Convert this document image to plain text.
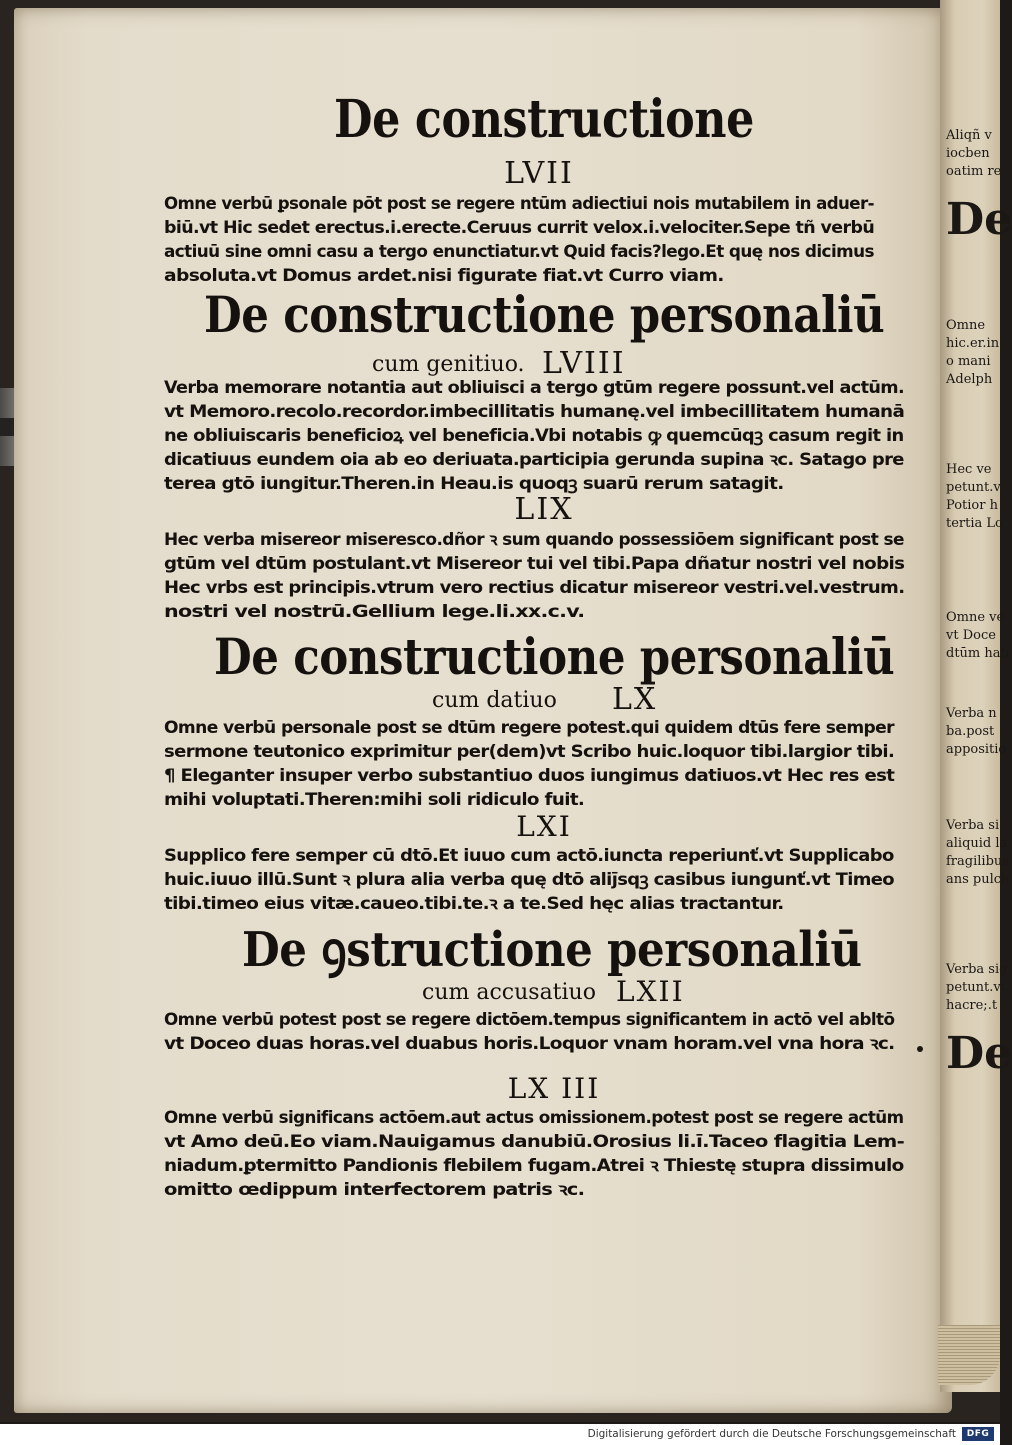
De constructione
LVII
Omne verbū ꝑsonale pōt post se regere ntūm adiectiui nois mutabilem in aduer-
biū.vt Hic sedet erectus.i.erecte.Ceruus currit velox.i.velociter.Sepe tñ verbū
actiuū sine omni casu a tergo enunctiatur.vt Quid facis?lego.Et quę nos dicimus
absoluta.vt Domus ardet.nisi figurate fiat.vt Curro viam.
De constructione personaliū
cum genitiuo. LVIII
Verba memorare notantia aut obliuisci a tergo gtūm regere possunt.vel actūm.
vt Memoro.recolo.recordor.imbecillitatis humanę.vel imbecillitatem humanā
ne obliuiscaris beneficioꝝ vel beneficia.Vbi notabis ꝙ quemcūqꝫ casum regit in
dicatiuus eundem oia ab eo deriuata.participia gerunda supina ꝛc. Satago pre
terea gtō iungitur.Theren.in Heau.is quoqꝫ suarū rerum satagit.
LIX
Hec verba misereor miseresco.dñor ꝛ sum quando possessiōem significant post se
gtūm vel dtūm postulant.vt Misereor tui vel tibi.Papa dñatur nostri vel nobis
Hec vrbs est principis.vtrum vero rectius dicatur misereor vestri.vel.vestrum.
nostri vel nostrū.Gellium lege.li.xx.c.v.
De constructione personaliū
cum datiuo LX
Omne verbū personale post se dtūm regere potest.qui quidem dtūs fere semper
sermone teutonico exprimitur per(dem)vt Scribo huic.loquor tibi.largior tibi.
¶ Eleganter insuper verbo substantiuo duos iungimus datiuos.vt Hec res est
mihi voluptati.Theren:mihi soli ridiculo fuit.
LXI
Supplico fere semper cū dtō.Et iuuo cum actō.iuncta reperiunť.vt Supplicabo
huic.iuuo illū.Sunt ꝛ plura alia verba quę dtō aliȷ̄sqꝫ casibus iungunť.vt Timeo
tibi.timeo eius vitæ.caueo.tibi.te.ꝛ a te.Sed hęc alias tractantur.
De ꝯstructione personaliū
cum accusatiuo LXII
Omne verbū potest post se regere dictōem.tempus significantem in actō vel abltō
vt Doceo duas horas.vel duabus horis.Loquor vnam horam.vel vna hora ꝛc.
LX III
Omne verbū significans actōem.aut actus omissionem.potest post se regere actūm
vt Amo deū.Eo viam.Nauigamus danubiū.Orosius li.ī.Taceo flagitia Lem-
niadum.ꝑtermitto Pandionis flebilem fugam.Atrei ꝛ Thiestę stupra dissimulo
omitto œdippum interfectorem patris ꝛc.
Aliqñ v
iocben
oatim re
De
Omne
hic.er.in
o mani
Adelph
Hec ve
petunt.v
Potior h
tertia Lo
Omne ve
vt Doce
dtūm hab
Verba n
ba.post
appositio
Verba si
aliquid la
fragilibus
ans pulch
Verba sig
petunt.vt
hacre;.t
De
Digitalisierung gefördert durch die Deutsche Forschungsgemeinschaft	DFG
